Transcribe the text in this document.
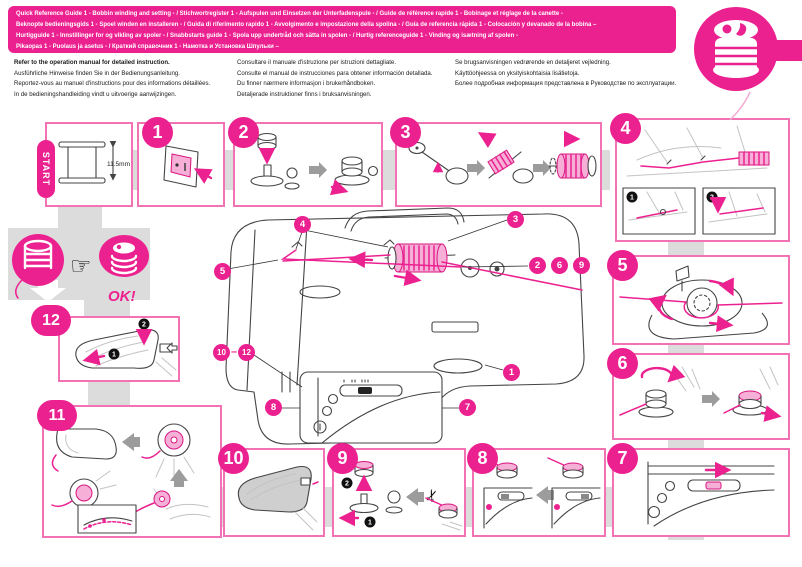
Quick Reference Guide 1 - Bobbin winding and setting - / Stichwortregister 1 - Aufspulen und Einsetzen der Unterfadenspule - / Guide de référence rapide 1 - Bobinage et réglage de la canette -
Beknopte bedieningsgids 1 - Spoel winden en installeren - / Guida di riferimento rapido 1 - Avvolgimento e impostazione della spolina - / Guía de referencia rápida 1 - Colocación y devanado de la bobina –
Hurtigguide 1 - Innstillinger for og vikling av spoler - / Snabbstarts guide 1 - Spola upp undertråd och sätta in spolen - / Hurtig referenceguide 1 - Vinding og isætning af spolen -
Pikaopas 1 - Puolaus ja asetus - / Краткий справочник 1 - Намотка и Установка Шпульки –
Refer to the operation manual for detailed instruction.
Ausführliche Hinweise finden Sie in der Bedienungsanleitung.
Reportez-vous au manuel d'instructions pour des informations détaillées.
In de bedieningshandleiding vindt u uitvoerige aanwijzingen.
Consultare il manuale d'istruzione per istruzioni dettagliate.
Consulte el manual de instrucciones para obtener información detallada.
Du finner nærmere informasjon i brukerhåndboken.
Detaljerade instruktioner finns i bruksanvisningen.
Se brugsanvisningen vedrørende en detaljeret vejledning.
Käyttöohjeessa on yksityiskohtaisia lisätietoja.
Более подробная информация представлена в Руководстве по эксплуатации.
☞
OK!
4	3
5
2	6	9
1
10 – 12
8	7
11.5mm
START
1	2	3
1	2
4
5
6
7
8
2
1
✂
9
10
11
1
2
12
